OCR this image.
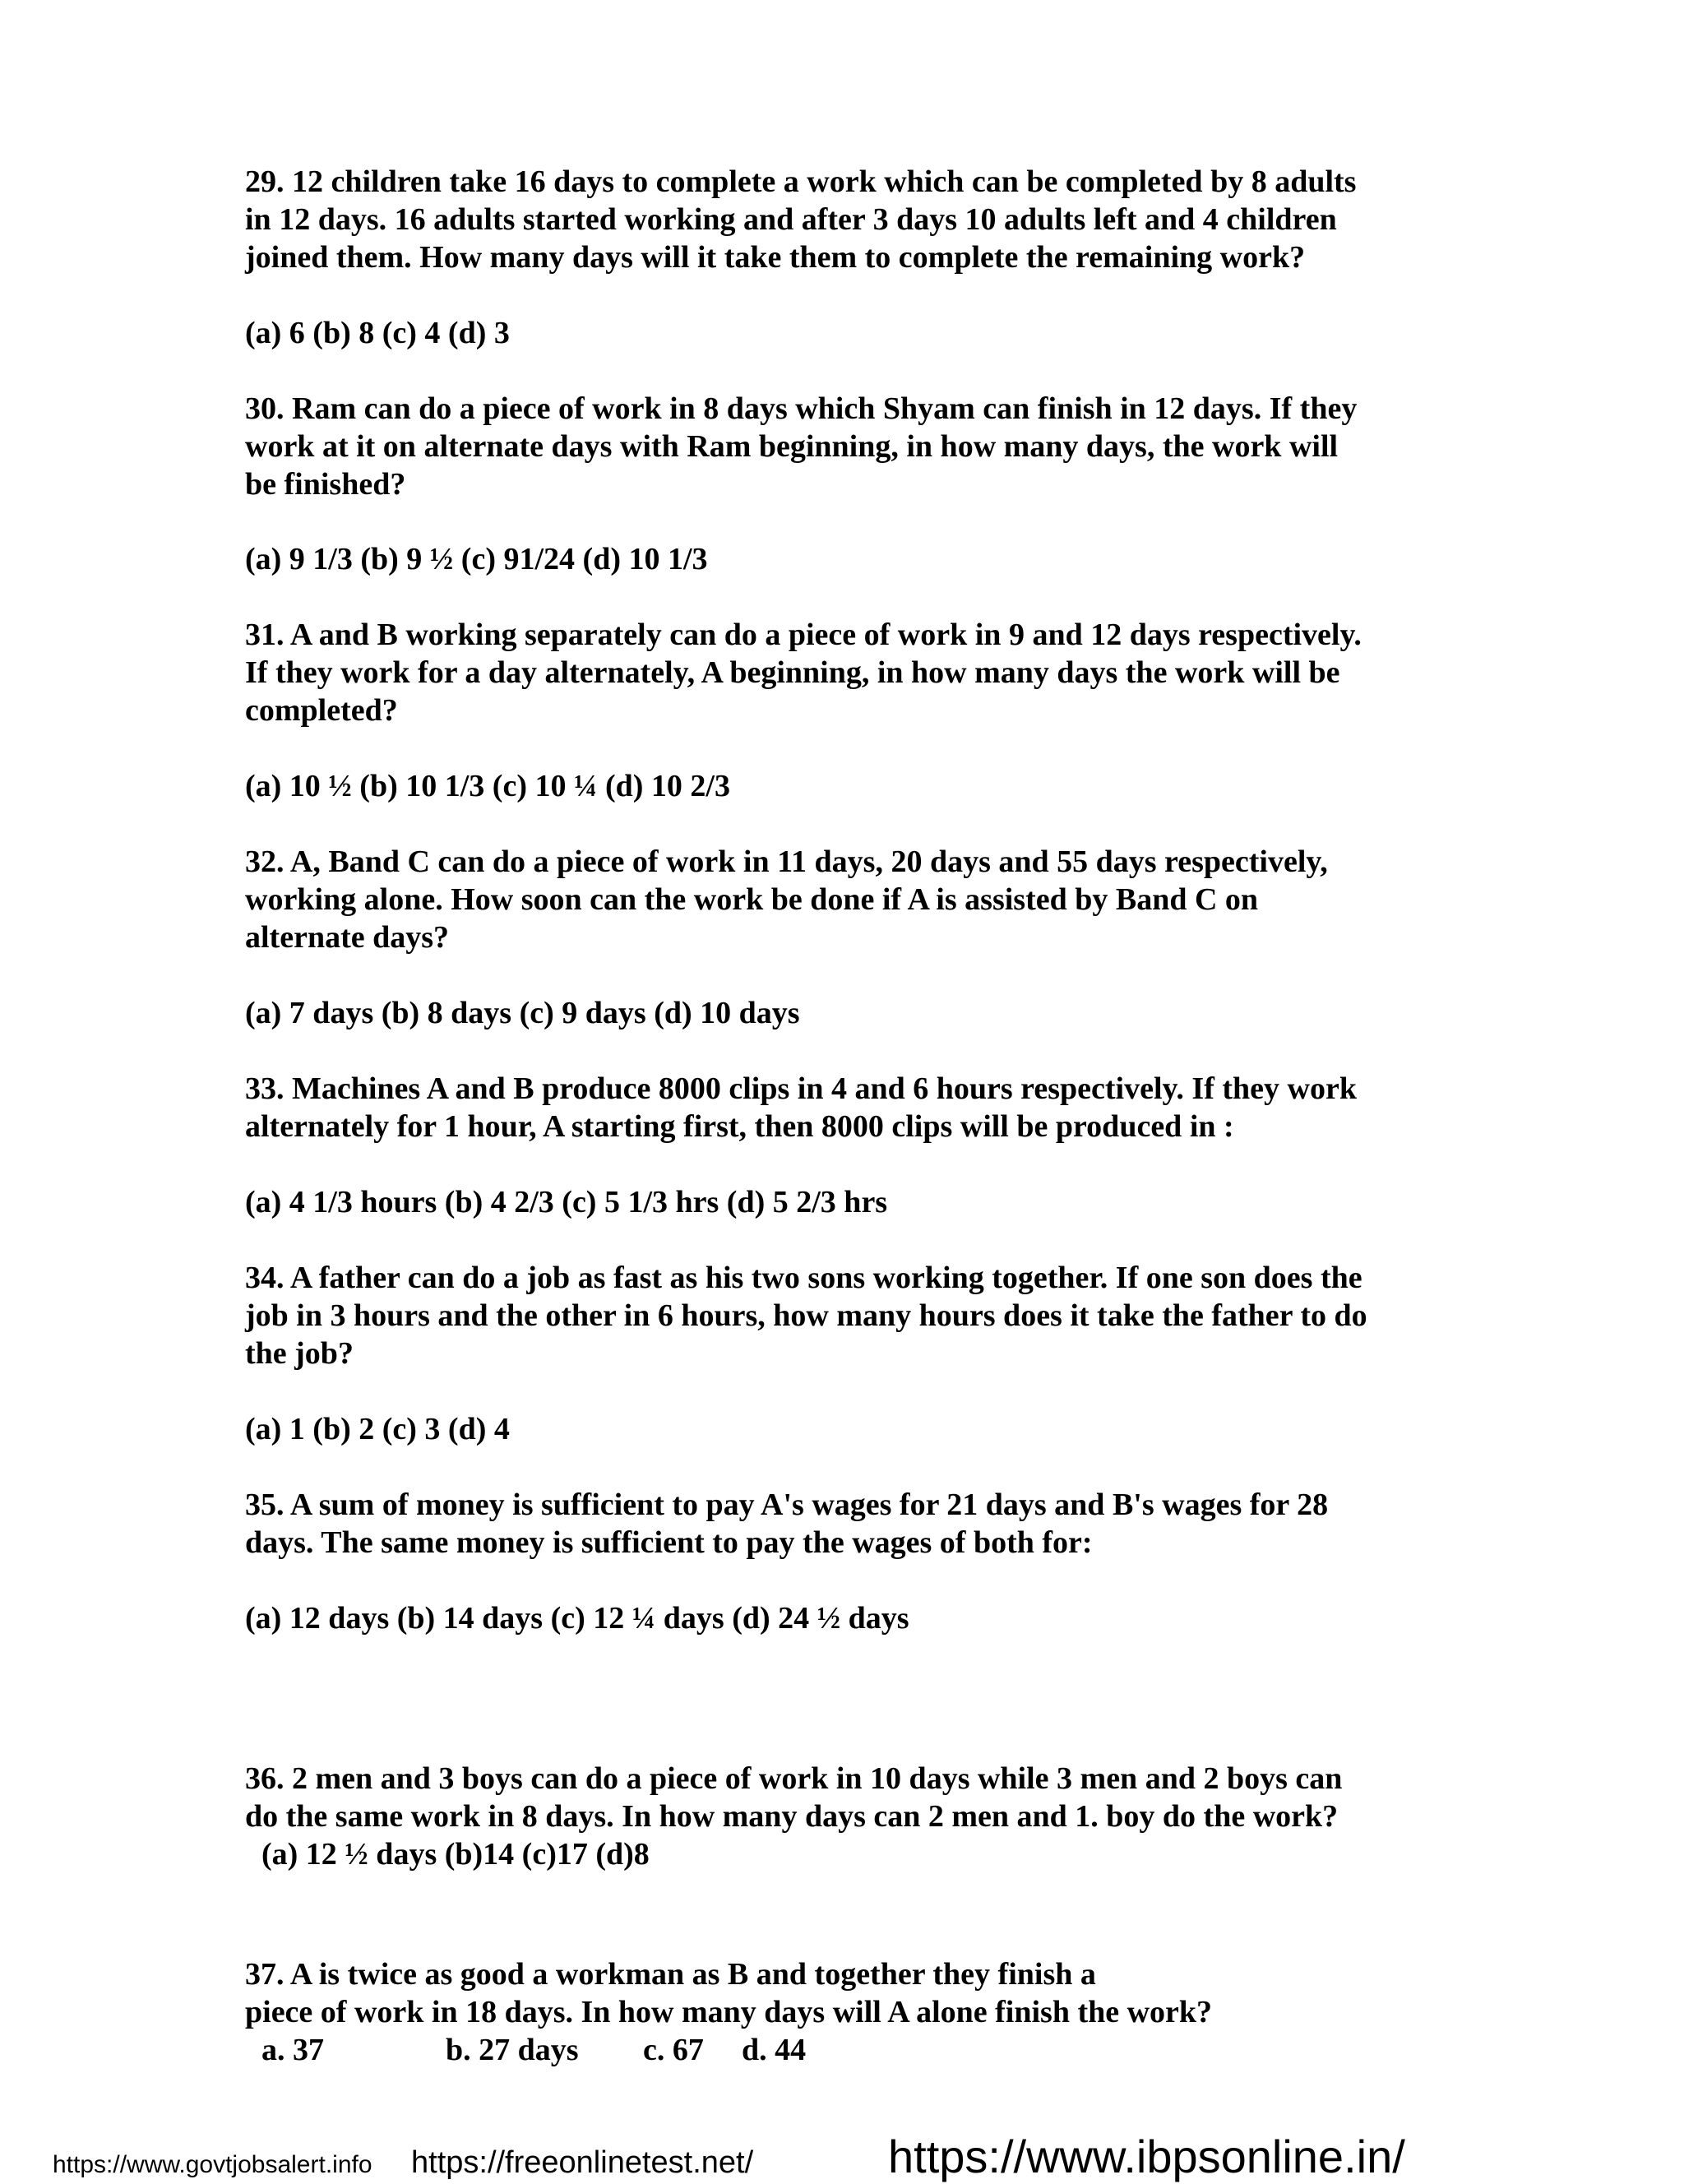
29. 12 children take 16 days to complete a work which can be completed by 8 adults
in 12 days. 16 adults started working and after 3 days 10 adults left and 4 children
joined them. How many days will it take them to complete the remaining work?
(a) 6 (b) 8 (c) 4 (d) 3
30. Ram can do a piece of work in 8 days which Shyam can finish in 12 days. If they
work at it on alternate days with Ram beginning, in how many days, the work will
be finished?
(a) 9 1/3 (b) 9 ½ (c) 91/24 (d) 10 1/3
31. A and B working separately can do a piece of work in 9 and 12 days respectively.
If they work for a day alternately, A beginning, in how many days the work will be
completed?
(a) 10 ½ (b) 10 1/3 (c) 10 ¼ (d) 10 2/3
32. A, Band C can do a piece of work in 11 days, 20 days and 55 days respectively,
working alone. How soon can the work be done if A is assisted by Band C on
alternate days?
(a) 7 days (b) 8 days (c) 9 days (d) 10 days
33. Machines A and B produce 8000 clips in 4 and 6 hours respectively. If they work
alternately for 1 hour, A starting first, then 8000 clips will be produced in :
(a) 4 1/3 hours (b) 4 2/3 (c) 5 1/3 hrs (d) 5 2/3 hrs
34. A father can do a job as fast as his two sons working together. If one son does the
job in 3 hours and the other in 6 hours, how many hours does it take the father to do
the job?
(a) 1 (b) 2 (c) 3 (d) 4
35. A sum of money is sufficient to pay A's wages for 21 days and B's wages for 28
days. The same money is sufficient to pay the wages of both for:
(a) 12 days (b) 14 days (c) 12 ¼ days (d) 24 ½ days
36. 2 men and 3 boys can do a piece of work in 10 days while 3 men and 2 boys can
do the same work in 8 days. In how many days can 2 men and 1. boy do the work?
(a) 12 ½ days (b)14 (c)17 (d)8
37. A is twice as good a workman as B and together they finish a
piece of work in 18 days. In how many days will A alone finish the work?
a. 37	b. 27 days c. 67 d. 44
https://www.govtjobsalert.info https://freeonlinetest.net/	https://www.ibpsonline.in/
